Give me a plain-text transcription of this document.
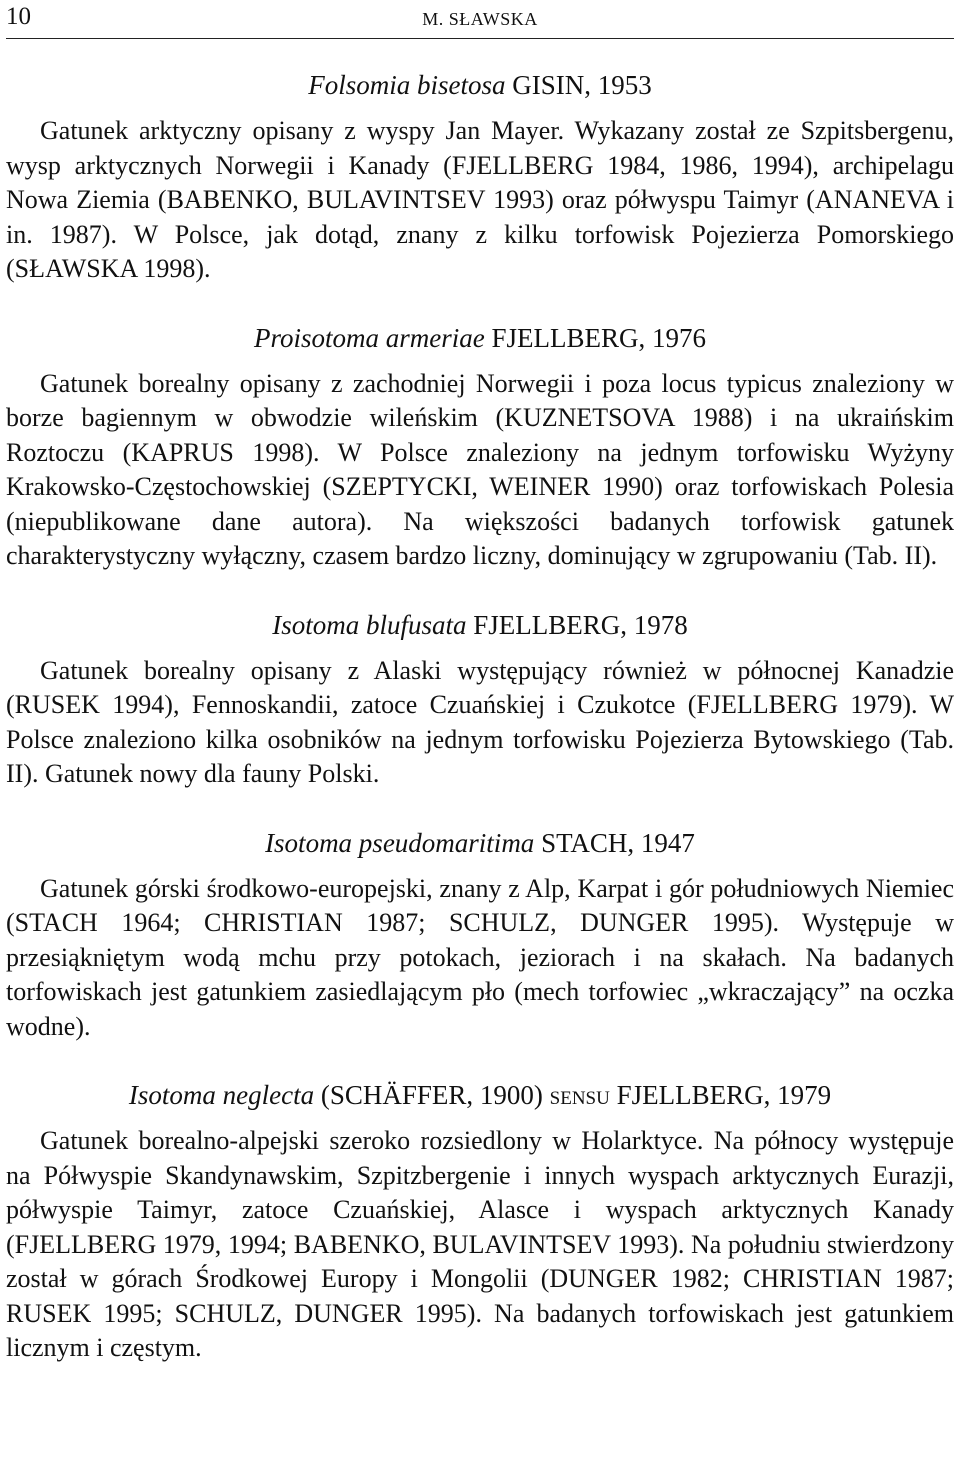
10	M. SŁAWSKA
Folsomia bisetosa GISIN, 1953

Gatunek arktyczny opisany z wyspy Jan Mayer. Wykazany został ze Szpitsbergenu, wysp arktycznych Norwegii i Kanady (FJELLBERG 1984, 1986, 1994), archipelagu Nowa Ziemia (BABENKO, BULAVINTSEV 1993) oraz półwyspu Taimyr (ANANEVA i in. 1987). W Polsce, jak dotąd, znany z kilku torfowisk Pojezierza Pomorskiego (SŁAWSKA 1998).

Proisotoma armeriae FJELLBERG, 1976

Gatunek borealny opisany z zachodniej Norwegii i poza locus typicus znaleziony w borze bagiennym w obwodzie wileńskim (KUZNETSOVA 1988) i na ukraińskim Roztoczu (KAPRUS 1998). W Polsce znaleziony na jednym torfowisku Wyżyny Krakowsko-Częstochowskiej (SZEPTYCKI, WEINER 1990) oraz torfowiskach Polesia (niepublikowane dane autora). Na większości badanych torfowisk gatunek charakterystyczny wyłączny, czasem bardzo liczny, dominujący w zgrupowaniu (Tab. II).

Isotoma blufusata FJELLBERG, 1978

Gatunek borealny opisany z Alaski występujący również w północnej Kanadzie (RUSEK 1994), Fennoskandii, zatoce Czuańskiej i Czukotce (FJELLBERG 1979). W Polsce znaleziono kilka osobników na jednym torfowisku Pojezierza Bytowskiego (Tab. II). Gatunek nowy dla fauny Polski.

Isotoma pseudomaritima STACH, 1947

Gatunek górski środkowo-europejski, znany z Alp, Karpat i gór południowych Niemiec (STACH 1964; CHRISTIAN 1987; SCHULZ, DUNGER 1995). Występuje w przesiąkniętym wodą mchu przy potokach, jeziorach i na skałach. Na badanych torfowiskach jest gatunkiem zasiedlającym pło (mech torfowiec „wkraczający” na oczka wodne).

Isotoma neglecta (SCHÄFFER, 1900) sensu FJELLBERG, 1979

Gatunek borealno-alpejski szeroko rozsiedlony w Holarktyce. Na północy występuje na Półwyspie Skandynawskim, Szpitzbergenie i innych wyspach arktycznych Eurazji, półwyspie Taimyr, zatoce Czuańskiej, Alasce i wyspach arktycznych Kanady (FJELLBERG 1979, 1994; BABENKO, BULAVINTSEV 1993). Na południu stwierdzony został w górach Środkowej Europy i Mongolii (DUNGER 1982; CHRISTIAN 1987; RUSEK 1995; SCHULZ, DUNGER 1995). Na badanych torfowiskach jest gatunkiem licznym i częstym.
